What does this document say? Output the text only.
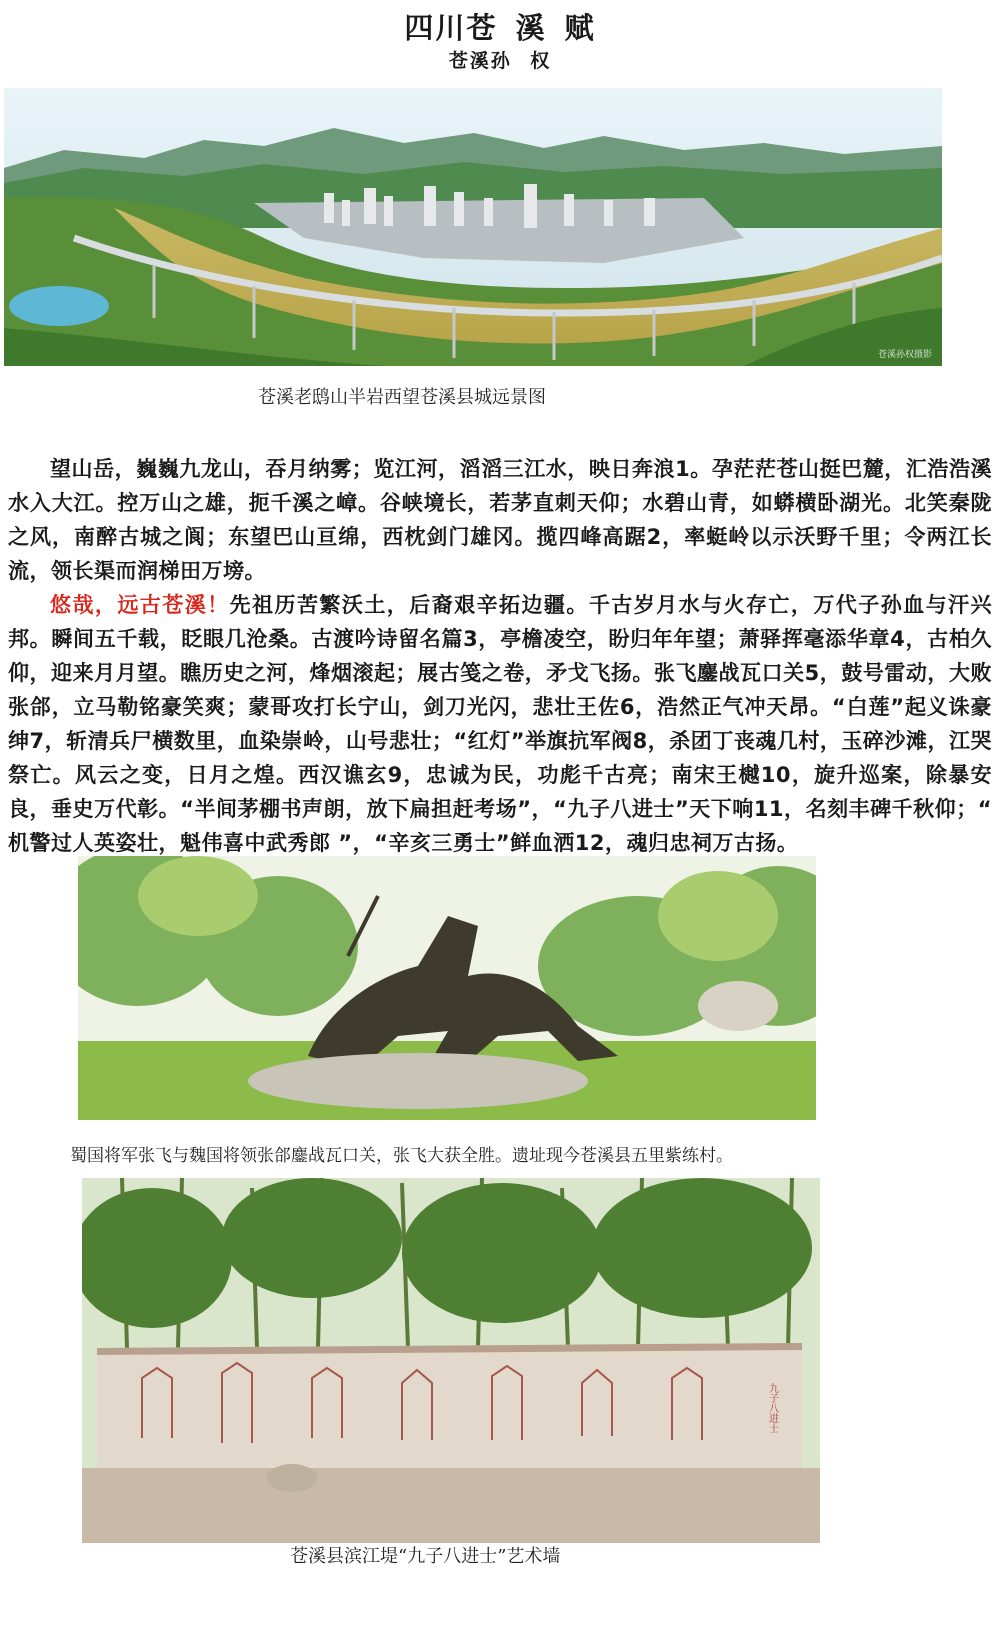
四川苍 溪 赋
苍溪孙 权
苍溪孙权摄影
苍溪老鸱山半岩西望苍溪县城远景图

望山岳，巍巍九龙山，吞月纳雾；览江河，滔滔三江水，映日奔浪1。孕茫茫苍山挺巴麓，汇浩浩溪水入大江。控万山之雄，扼千溪之嶂。谷峡境长，若茅直刺天仰；水碧山青，如蟒横卧湖光。北笑秦陇之风，南醉古城之阆；东望巴山亘绵，西枕剑门雄冈。揽四峰高踞2，率蜓岭以示沃野千里；令两江长流，领长渠而润梯田万塝。

悠哉，远古苍溪！先祖历苦繁沃土，后裔艰辛拓边疆。千古岁月水与火存亡，万代子孙血与汗兴邦。瞬间五千载，眨眼几沧桑。古渡吟诗留名篇3，亭檐凌空，盼归年年望；萧驿挥毫添华章4，古柏久仰，迎来月月望。瞧历史之河，烽烟滚起；展古笺之卷，矛戈飞扬。张飞鏖战瓦口关5，鼓号雷动，大败张郃，立马勒铭豪笑爽；蒙哥攻打长宁山，剑刀光闪，悲壮王佐6，浩然正气冲天昂。“白莲”起义诛豪绅7，斩清兵尸横数里，血染崇岭，山号悲壮；“红灯”举旗抗军阀8，杀团丁丧魂几村，玉碎沙滩，江哭祭亡。风云之变，日月之煌。西汉谯玄9，忠诚为民，功彪千古亮；南宋王樾10，旋升巡案，除暴安良，垂史万代彰。“半间茅棚书声朗，放下扁担赶考场”，“九子八进士”天下响11，名刻丰碑千秋仰；“ 机警过人英姿壮，魁伟喜中武秀郎 ”，“辛亥三勇士”鲜血洒12，魂归忠祠万古扬。

蜀国将军张飞与魏国将领张郃鏖战瓦口关，张飞大获全胜。遗址现今苍溪县五里紫练村。
九子八进士
苍溪县滨江堤“九子八进士”艺术墙
